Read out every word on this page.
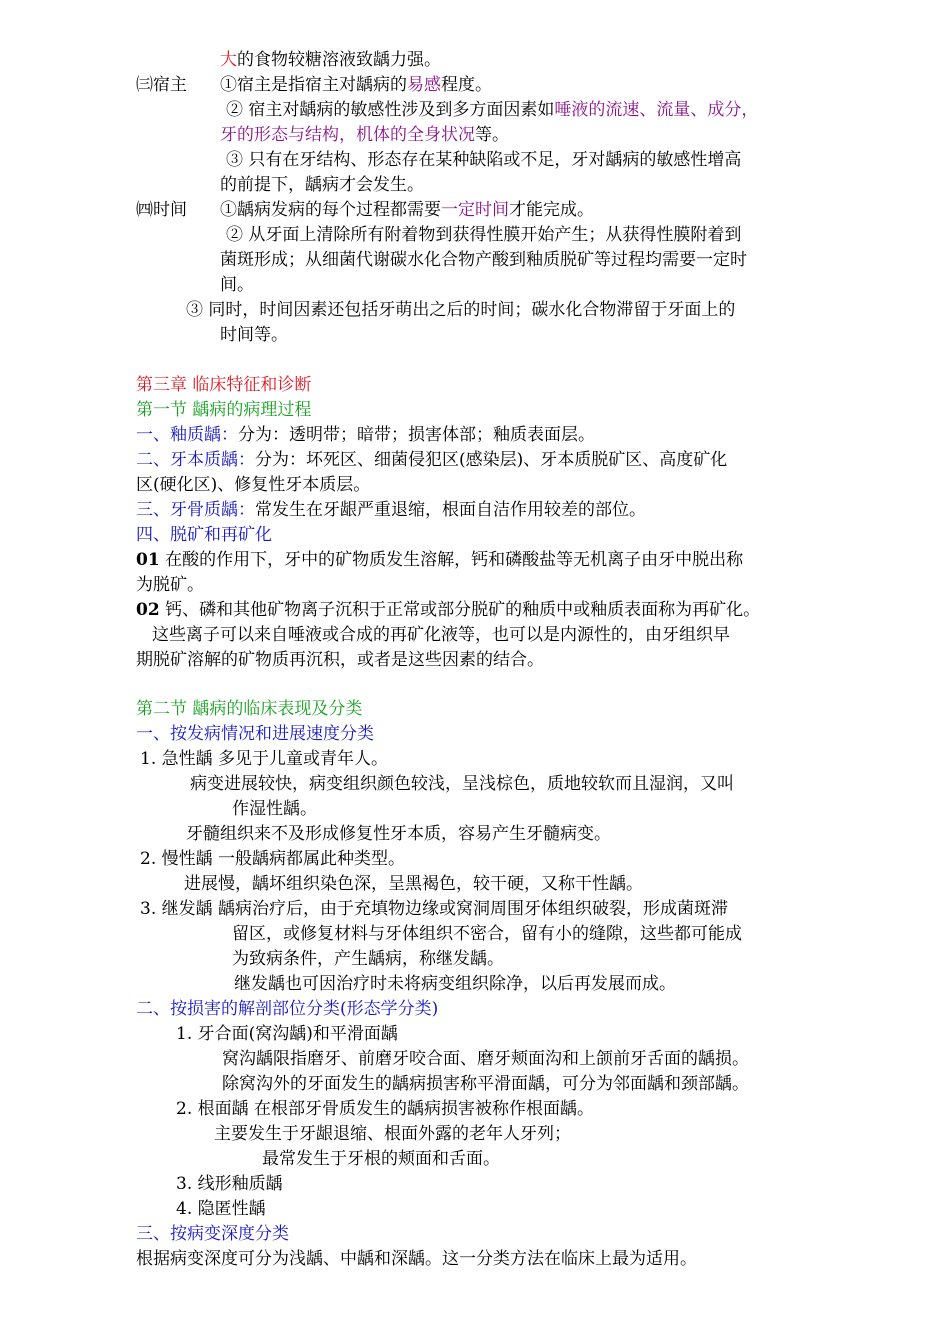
大的食物较糖溶液致龋力强。
㈢宿主 ①宿主是指宿主对龋病的易感程度。
② 宿主对龋病的敏感性涉及到多方面因素如唾液的流速、流量、成分，
牙的形态与结构，机体的全身状况等。
③ 只有在牙结构、形态存在某种缺陷或不足，牙对龋病的敏感性增高
的前提下，龋病才会发生。
㈣时间 ①龋病发病的每个过程都需要一定时间才能完成。
② 从牙面上清除所有附着物到获得性膜开始产生；从获得性膜附着到
菌斑形成；从细菌代谢碳水化合物产酸到釉质脱矿等过程均需要一定时
间。
③ 同时，时间因素还包括牙萌出之后的时间；碳水化合物滞留于牙面上的
时间等。
第三章 临床特征和诊断
第一节 龋病的病理过程
一、釉质龋：分为：透明带；暗带；损害体部；釉质表面层。
二、牙本质龋：分为：坏死区、细菌侵犯区(感染层)、牙本质脱矿区、高度矿化
区(硬化区)、修复性牙本质层。
三、牙骨质龋：常发生在牙龈严重退缩，根面自洁作用较差的部位。
四、脱矿和再矿化
01 在酸的作用下，牙中的矿物质发生溶解，钙和磷酸盐等无机离子由牙中脱出称
为脱矿。
02 钙、磷和其他矿物离子沉积于正常或部分脱矿的釉质中或釉质表面称为再矿化。
这些离子可以来自唾液或合成的再矿化液等，也可以是内源性的，由牙组织早
期脱矿溶解的矿物质再沉积，或者是这些因素的结合。
第二节 龋病的临床表现及分类
一、按发病情况和进展速度分类
1. 急性龋 多见于儿童或青年人。
病变进展较快，病变组织颜色较浅，呈浅棕色，质地较软而且湿润，又叫
作湿性龋。
牙髓组织来不及形成修复性牙本质，容易产生牙髓病变。
2. 慢性龋 一般龋病都属此种类型。
进展慢，龋坏组织染色深，呈黑褐色，较干硬，又称干性龋。
3. 继发龋 龋病治疗后，由于充填物边缘或窝洞周围牙体组织破裂，形成菌斑滞
留区，或修复材料与牙体组织不密合，留有小的缝隙，这些都可能成
为致病条件，产生龋病，称继发龋。
继发龋也可因治疗时未将病变组织除净，以后再发展而成。
二、按损害的解剖部位分类(形态学分类)
1. 牙合面(窝沟龋)和平滑面龋
窝沟龋限指磨牙、前磨牙咬合面、磨牙颊面沟和上颌前牙舌面的龋损。
除窝沟外的牙面发生的龋病损害称平滑面龋，可分为邻面龋和颈部龋。
2. 根面龋 在根部牙骨质发生的龋病损害被称作根面龋。
主要发生于牙龈退缩、根面外露的老年人牙列；
最常发生于牙根的颊面和舌面。
3. 线形釉质龋
4. 隐匿性龋
三、按病变深度分类
根据病变深度可分为浅龋、中龋和深龋。这一分类方法在临床上最为适用。
